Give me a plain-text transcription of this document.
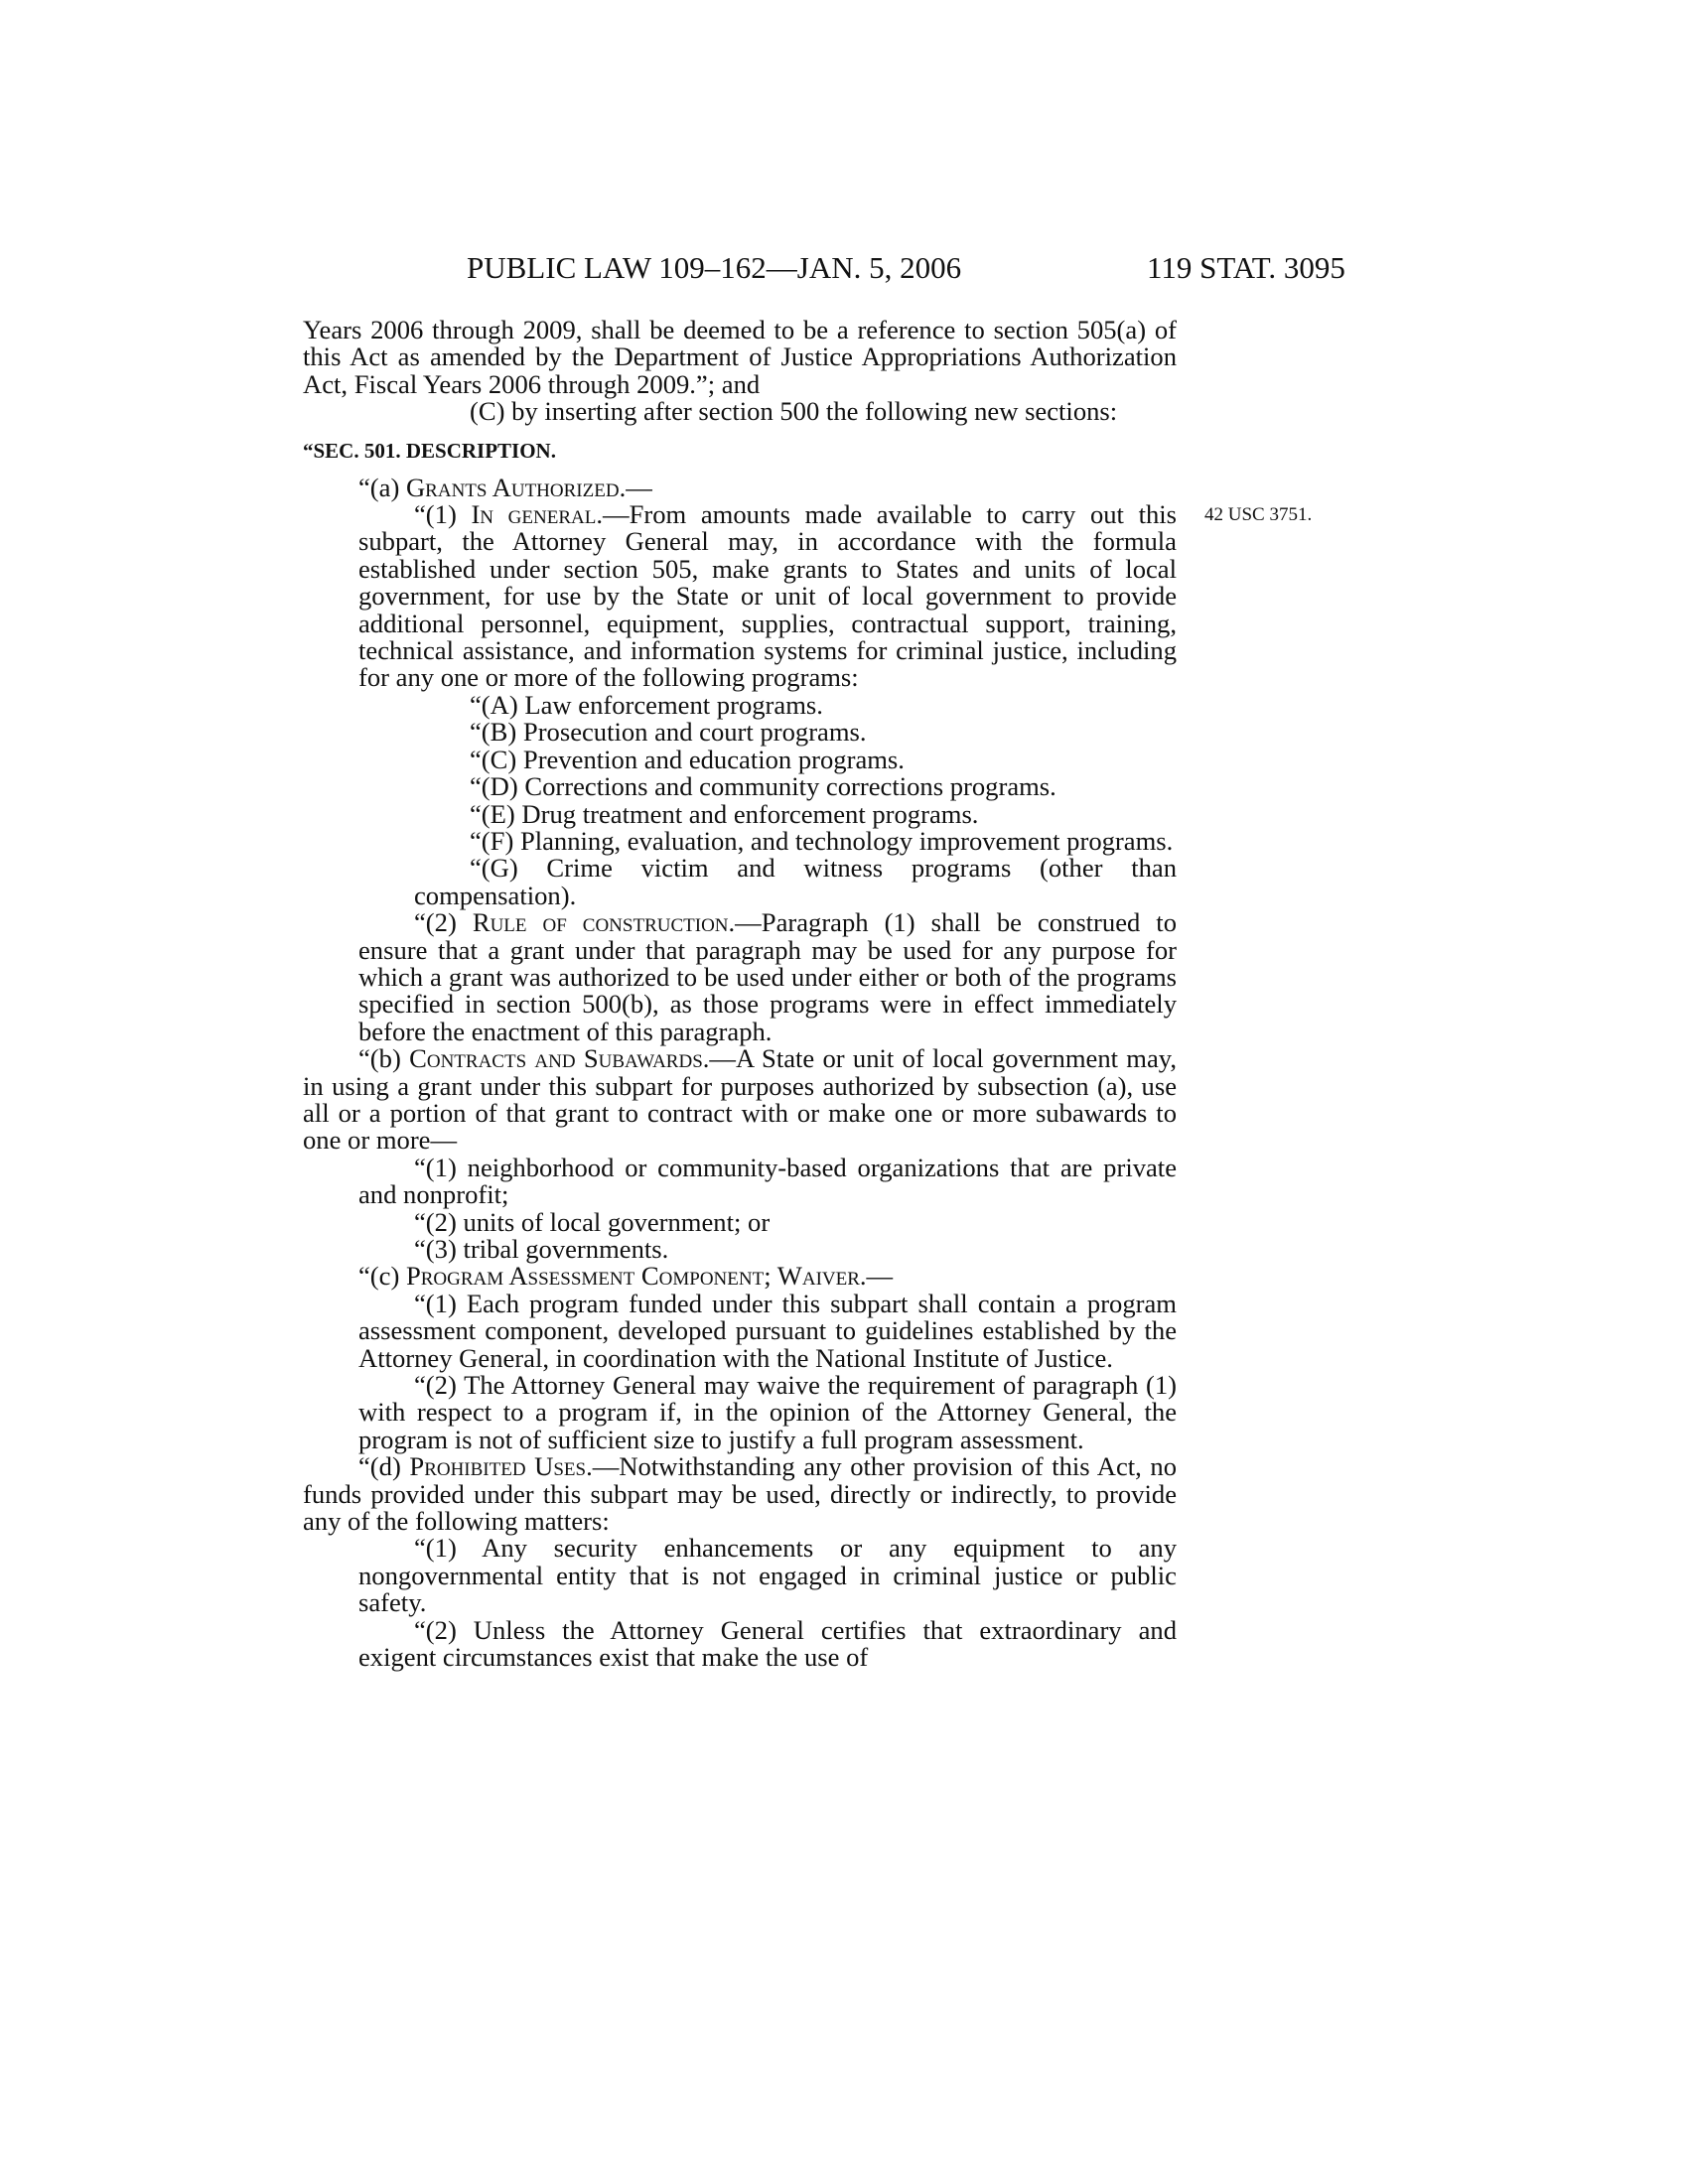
PUBLIC LAW 109–162—JAN. 5, 2006	119 STAT. 3095
42 USC 3751.

Years 2006 through 2009, shall be deemed to be a reference to section 505(a) of this Act as amended by the Department of Justice Appropriations Authorization Act, Fiscal Years 2006 through 2009.”; and

(C) by inserting after section 500 the following new sections:

“SEC. 501. DESCRIPTION.

“(a) Grants Authorized.—

“(1) In general.—From amounts made available to carry out this subpart, the Attorney General may, in accordance with the formula established under section 505, make grants to States and units of local government, for use by the State or unit of local government to provide additional personnel, equipment, supplies, contractual support, training, technical assistance, and information systems for criminal justice, including for any one or more of the following programs:

“(A) Law enforcement programs.

“(B) Prosecution and court programs.

“(C) Prevention and education programs.

“(D) Corrections and community corrections programs.

“(E) Drug treatment and enforcement programs.

“(F) Planning, evaluation, and technology improvement programs.

“(G) Crime victim and witness programs (other than compensation).

“(2) Rule of construction.—Paragraph (1) shall be construed to ensure that a grant under that paragraph may be used for any purpose for which a grant was authorized to be used under either or both of the programs specified in section 500(b), as those programs were in effect immediately before the enactment of this paragraph.

“(b) Contracts and Subawards.—A State or unit of local government may, in using a grant under this subpart for purposes authorized by subsection (a), use all or a portion of that grant to contract with or make one or more subawards to one or more—

“(1) neighborhood or community-based organizations that are private and nonprofit;

“(2) units of local government; or

“(3) tribal governments.

“(c) Program Assessment Component; Waiver.—

“(1) Each program funded under this subpart shall contain a program assessment component, developed pursuant to guidelines established by the Attorney General, in coordination with the National Institute of Justice.

“(2) The Attorney General may waive the requirement of paragraph (1) with respect to a program if, in the opinion of the Attorney General, the program is not of sufficient size to justify a full program assessment.

“(d) Prohibited Uses.—Notwithstanding any other provision of this Act, no funds provided under this subpart may be used, directly or indirectly, to provide any of the following matters:

“(1) Any security enhancements or any equipment to any nongovernmental entity that is not engaged in criminal justice or public safety.

“(2) Unless the Attorney General certifies that extraordinary and exigent circumstances exist that make the use of
